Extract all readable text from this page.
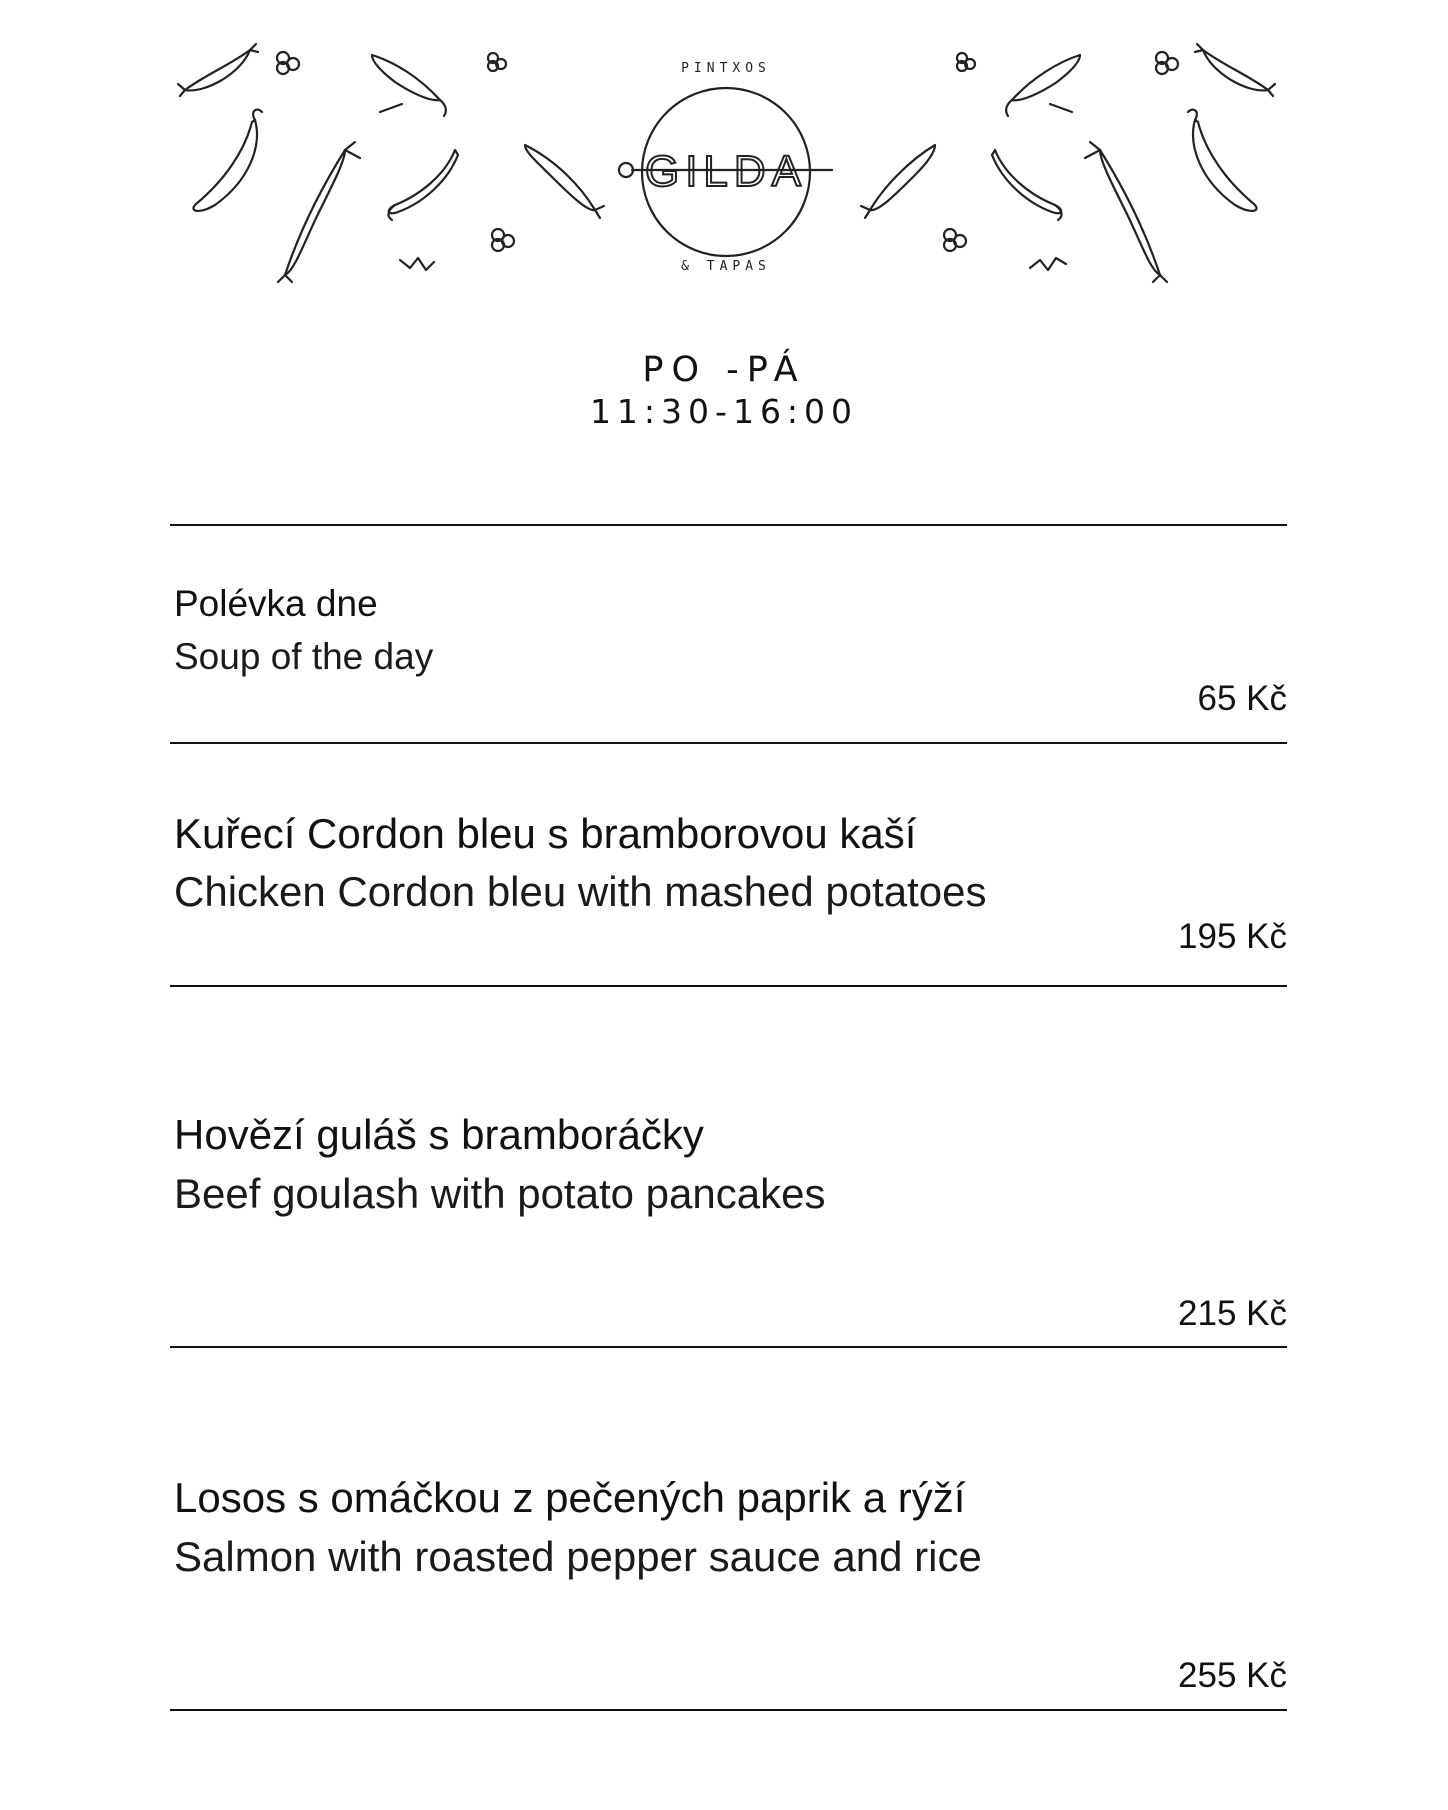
PINTXOS
GILDA
& TAPAS
PO -PÁ
11:30-16:00
Polévka dne
Soup of the day
65 Kč
Kuřecí Cordon bleu s bramborovou kaší
Chicken Cordon bleu with mashed potatoes
195 Kč
Hovězí guláš s bramboráčky
Beef goulash with potato pancakes
215 Kč
Losos s omáčkou z pečených paprik a rýží
Salmon with roasted pepper sauce and rice
255 Kč
